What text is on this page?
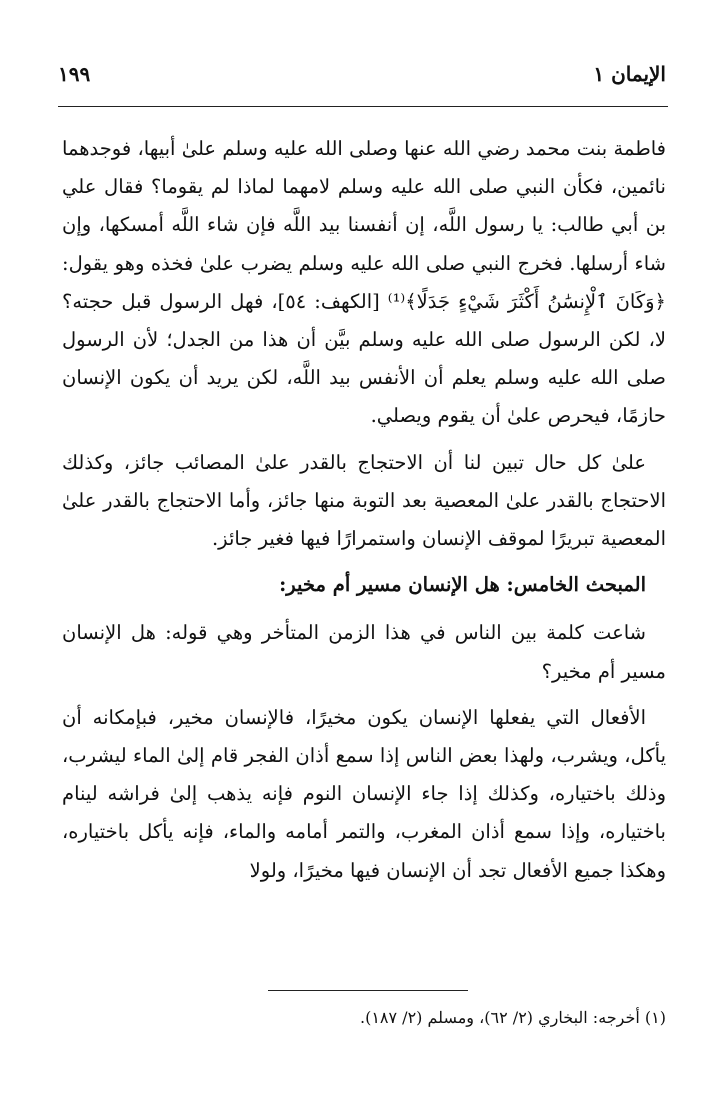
الإيمان ١
١٩٩

فاطمة بنت محمد رضي الله عنها وصلى الله عليه وسلم علىٰ أبيها، فوجدهما نائمين، فكأن النبي صلى الله عليه وسلم لامهما لماذا لم يقوما؟ فقال علي بن أبي طالب: يا رسول اللَّه، إن أنفسنا بيد اللَّه فإن شاء اللَّه أمسكها، وإن شاء أرسلها. فخرج النبي صلى الله عليه وسلم يضرب علىٰ فخذه وهو يقول: ﴿وَكَانَ ٱلْإِنسَٰنُ أَكْثَرَ شَيْءٍ جَدَلًا﴾⁽¹⁾ [الكهف: ٥٤]، فهل الرسول قبل حجته؟ لا، لكن الرسول صلى الله عليه وسلم بيَّن أن هذا من الجدل؛ لأن الرسول صلى الله عليه وسلم يعلم أن الأنفس بيد اللَّه، لكن يريد أن يكون الإنسان حازمًا، فيحرص علىٰ أن يقوم ويصلي.

علىٰ كل حال تبين لنا أن الاحتجاج بالقدر علىٰ المصائب جائز، وكذلك الاحتجاج بالقدر علىٰ المعصية بعد التوبة منها جائز، وأما الاحتجاج بالقدر علىٰ المعصية تبريرًا لموقف الإنسان واستمرارًا فيها فغير جائز.

المبحث الخامس: هل الإنسان مسير أم مخير:

شاعت كلمة بين الناس في هذا الزمن المتأخر وهي قوله: هل الإنسان مسير أم مخير؟

الأفعال التي يفعلها الإنسان يكون مخيرًا، فالإنسان مخير، فبإمكانه أن يأكل، ويشرب، ولهذا بعض الناس إذا سمع أذان الفجر قام إلىٰ الماء ليشرب، وذلك باختياره، وكذلك إذا جاء الإنسان النوم فإنه يذهب إلىٰ فراشه لينام باختياره، وإذا سمع أذان المغرب، والتمر أمامه والماء، فإنه يأكل باختياره، وهكذا جميع الأفعال تجد أن الإنسان فيها مخيرًا، ولولا

(١) أخرجه: البخاري (٢/ ٦٢)، ومسلم (٢/ ١٨٧).
